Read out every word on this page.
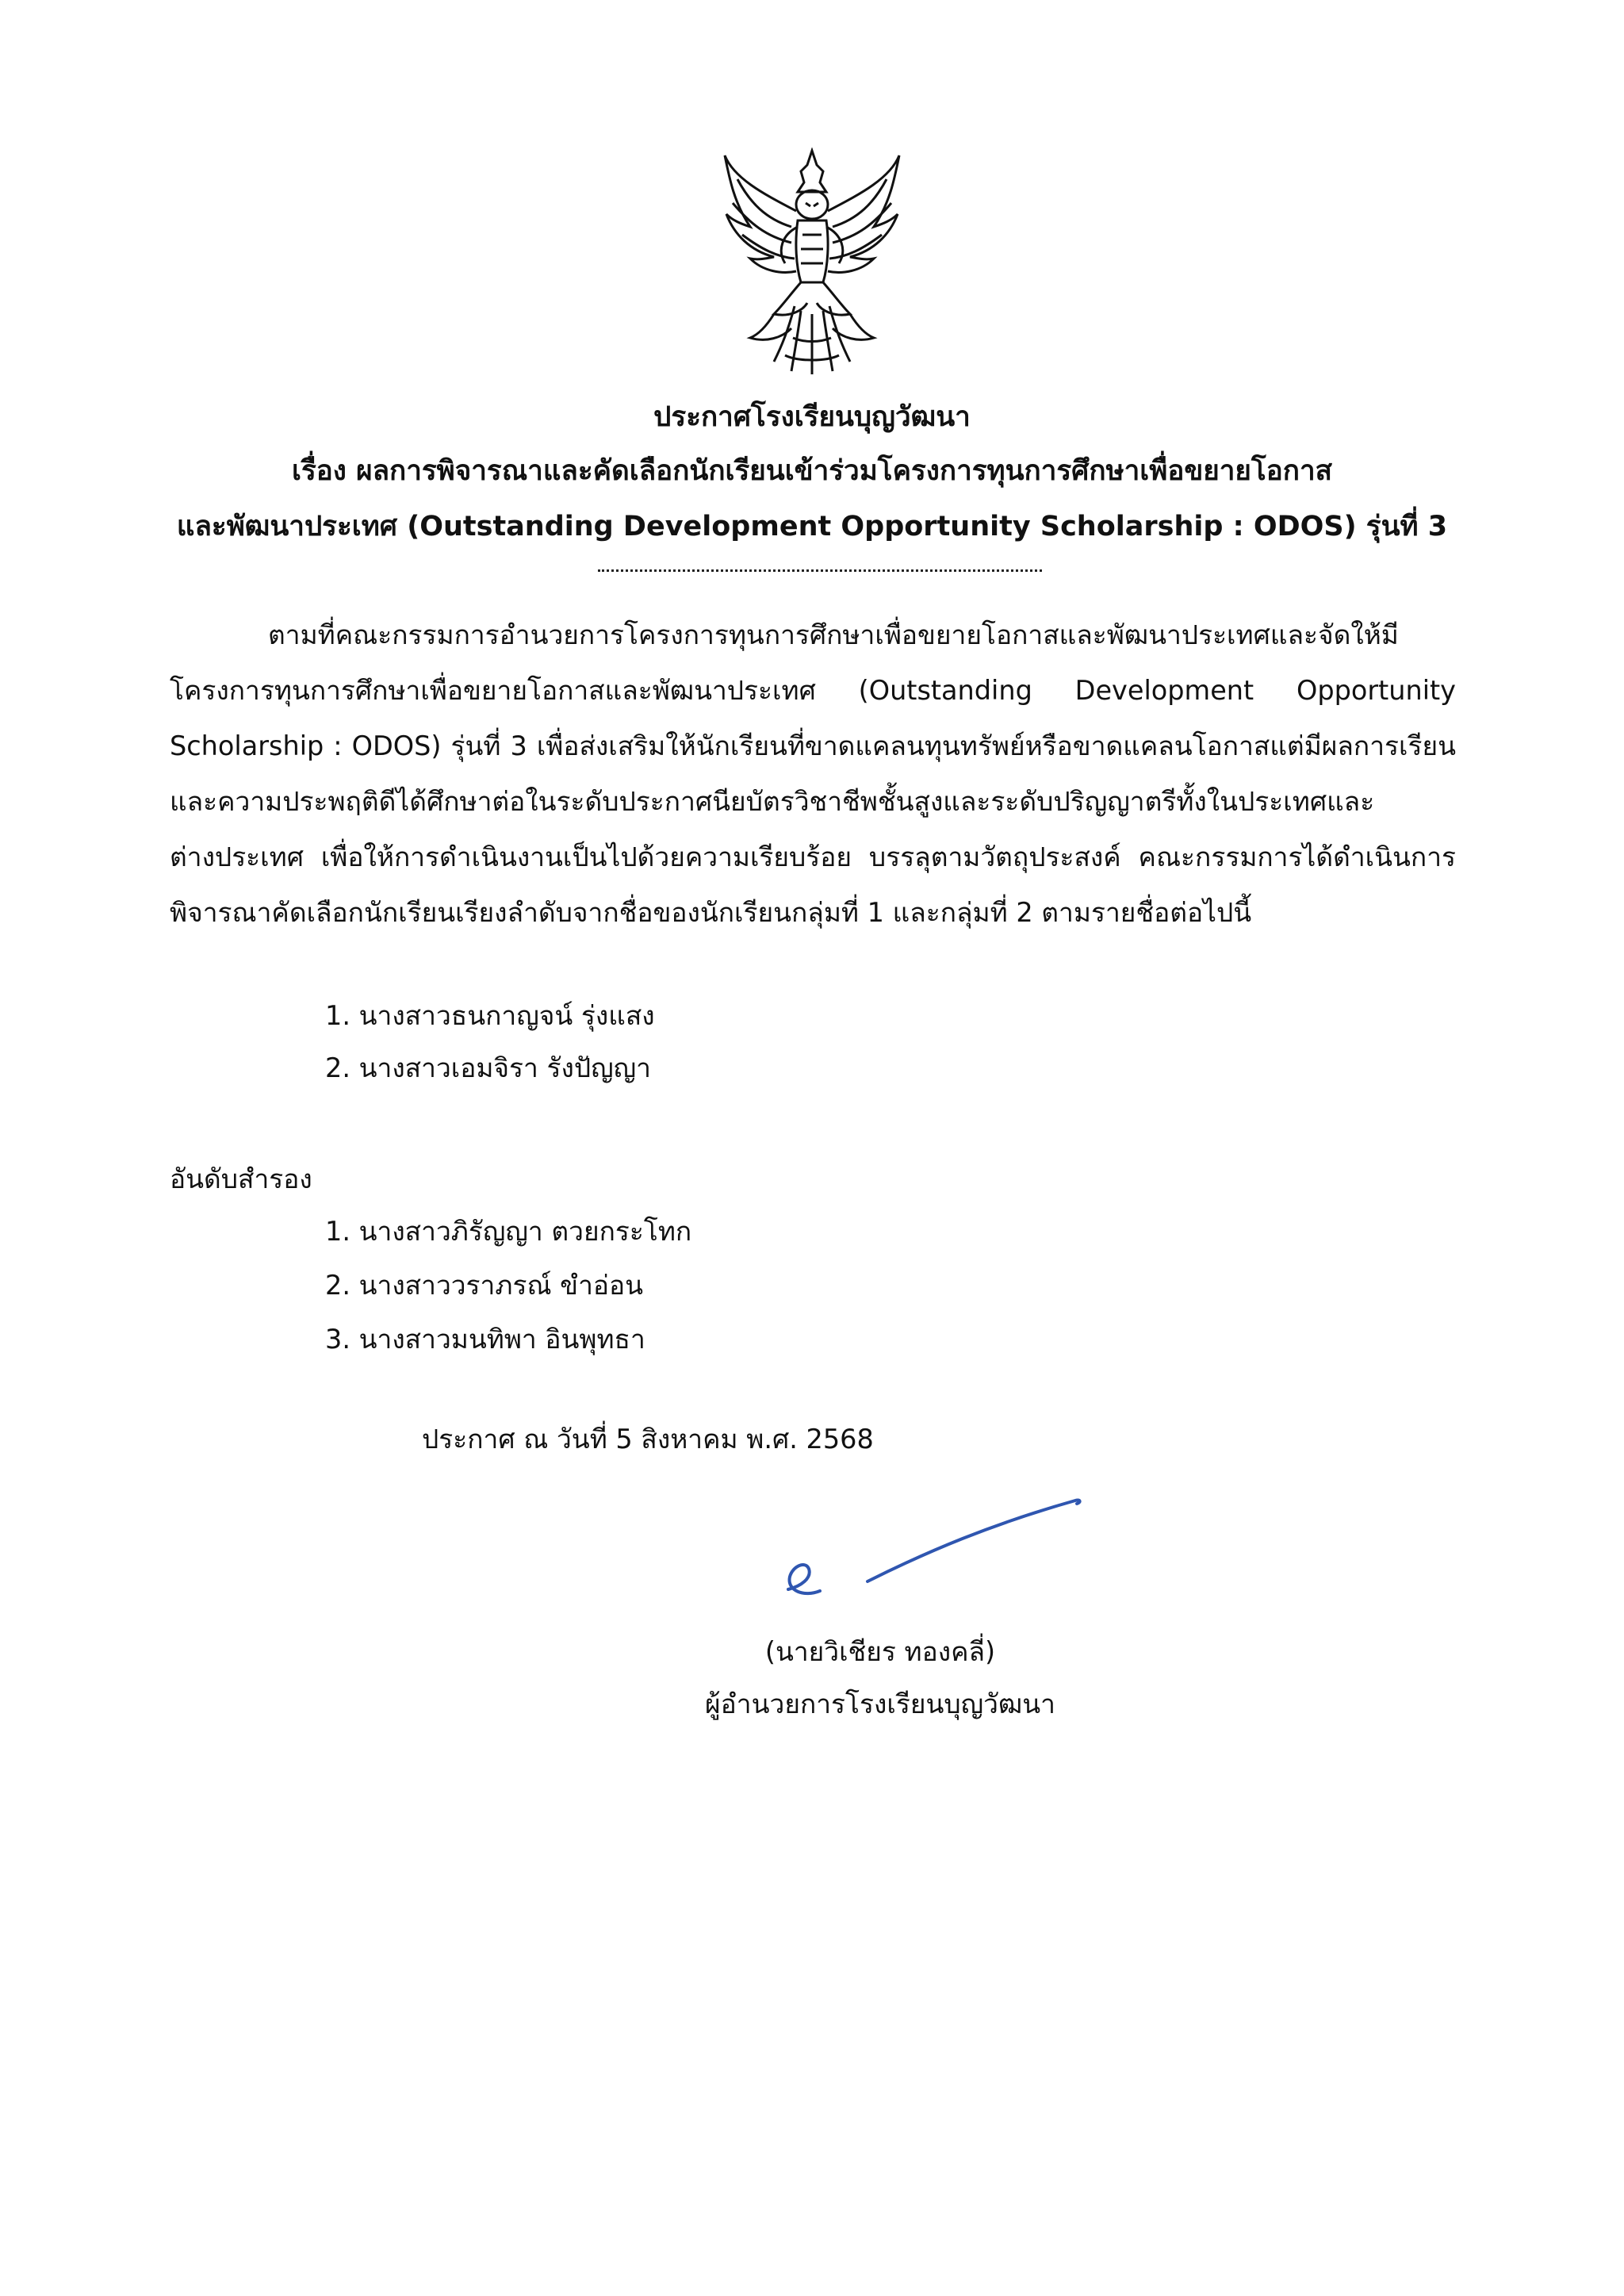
ประกาศโรงเรียนบุญวัฒนา
เรื่อง ผลการพิจารณาและคัดเลือกนักเรียนเข้าร่วมโครงการทุนการศึกษาเพื่อขยายโอกาส
และพัฒนาประเทศ (Outstanding Development Opportunity Scholarship : ODOS) รุ่นที่ 3
ตามที่คณะกรรมการอำนวยการโครงการทุนการศึกษาเพื่อขยายโอกาสและพัฒนาประเทศและจัดให้มี
โครงการทุนการศึกษาเพื่อขยายโอกาสและพัฒนาประเทศ (Outstanding Development Opportunity
Scholarship : ODOS) รุ่นที่ 3 เพื่อส่งเสริมให้นักเรียนที่ขาดแคลนทุนทรัพย์หรือขาดแคลนโอกาสแต่มีผลการเรียน
และความประพฤติดีได้ศึกษาต่อในระดับประกาศนียบัตรวิชาชีพชั้นสูงและระดับปริญญาตรีทั้งในประเทศและ
ต่างประเทศ เพื่อให้การดำเนินงานเป็นไปด้วยความเรียบร้อย บรรลุตามวัตถุประสงค์ คณะกรรมการได้ดำเนินการ
พิจารณาคัดเลือกนักเรียนเรียงลำดับจากชื่อของนักเรียนกลุ่มที่ 1 และกลุ่มที่ 2 ตามรายชื่อต่อไปนี้
1. นางสาวธนกาญจน์ รุ่งแสง
2. นางสาวเอมจิรา รังปัญญา
อันดับสำรอง
1. นางสาวภิรัญญา ตวยกระโทก
2. นางสาววราภรณ์ ขำอ่อน
3. นางสาวมนทิพา อินพุทธา
ประกาศ ณ วันที่ 5 สิงหาคม พ.ศ. 2568
(นายวิเชียร ทองคลี่)
ผู้อำนวยการโรงเรียนบุญวัฒนา
